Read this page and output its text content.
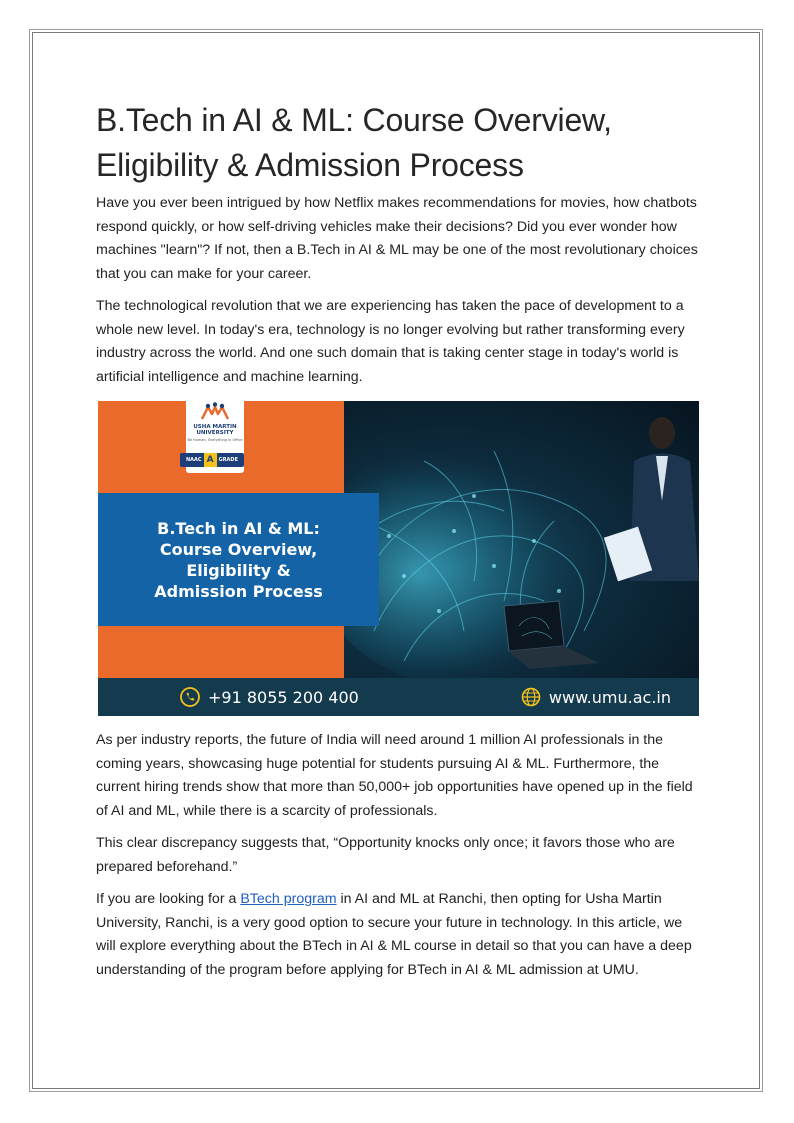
B.Tech in AI & ML: Course Overview,
Eligibility & Admission Process

Have you ever been intrigued by how Netflix makes recommendations for movies, how chatbots respond quickly, or how self-driving vehicles make their decisions? Did you ever wonder how machines "learn"? If not, then a B.Tech in AI & ML may be one of the most revolutionary choices that you can make for your career.

The technological revolution that we are experiencing has taken the pace of development to a whole new level. In today's era, technology is no longer evolving but rather transforming every industry across the world. And one such domain that is taking center stage in today's world is artificial intelligence and machine learning.

USHA MARTIN UNIVERSITY
Be Human, Everything in Office
NAAC A	GRADE
B.Tech in AI & ML:
Course Overview,
Eligibility &
Admission Process
+91 8055 200 400	www.umu.ac.in

As per industry reports, the future of India will need around 1 million AI professionals in the coming years, showcasing huge potential for students pursuing AI & ML. Furthermore, the current hiring trends show that more than 50,000+ job opportunities have opened up in the field of AI and ML, while there is a scarcity of professionals.

This clear discrepancy suggests that, “Opportunity knocks only once; it favors those who are prepared beforehand.”

If you are looking for a BTech program in AI and ML at Ranchi, then opting for Usha Martin University, Ranchi, is a very good option to secure your future in technology. In this article, we will explore everything about the BTech in AI & ML course in detail so that you can have a deep understanding of the program before applying for BTech in AI & ML admission at UMU.
